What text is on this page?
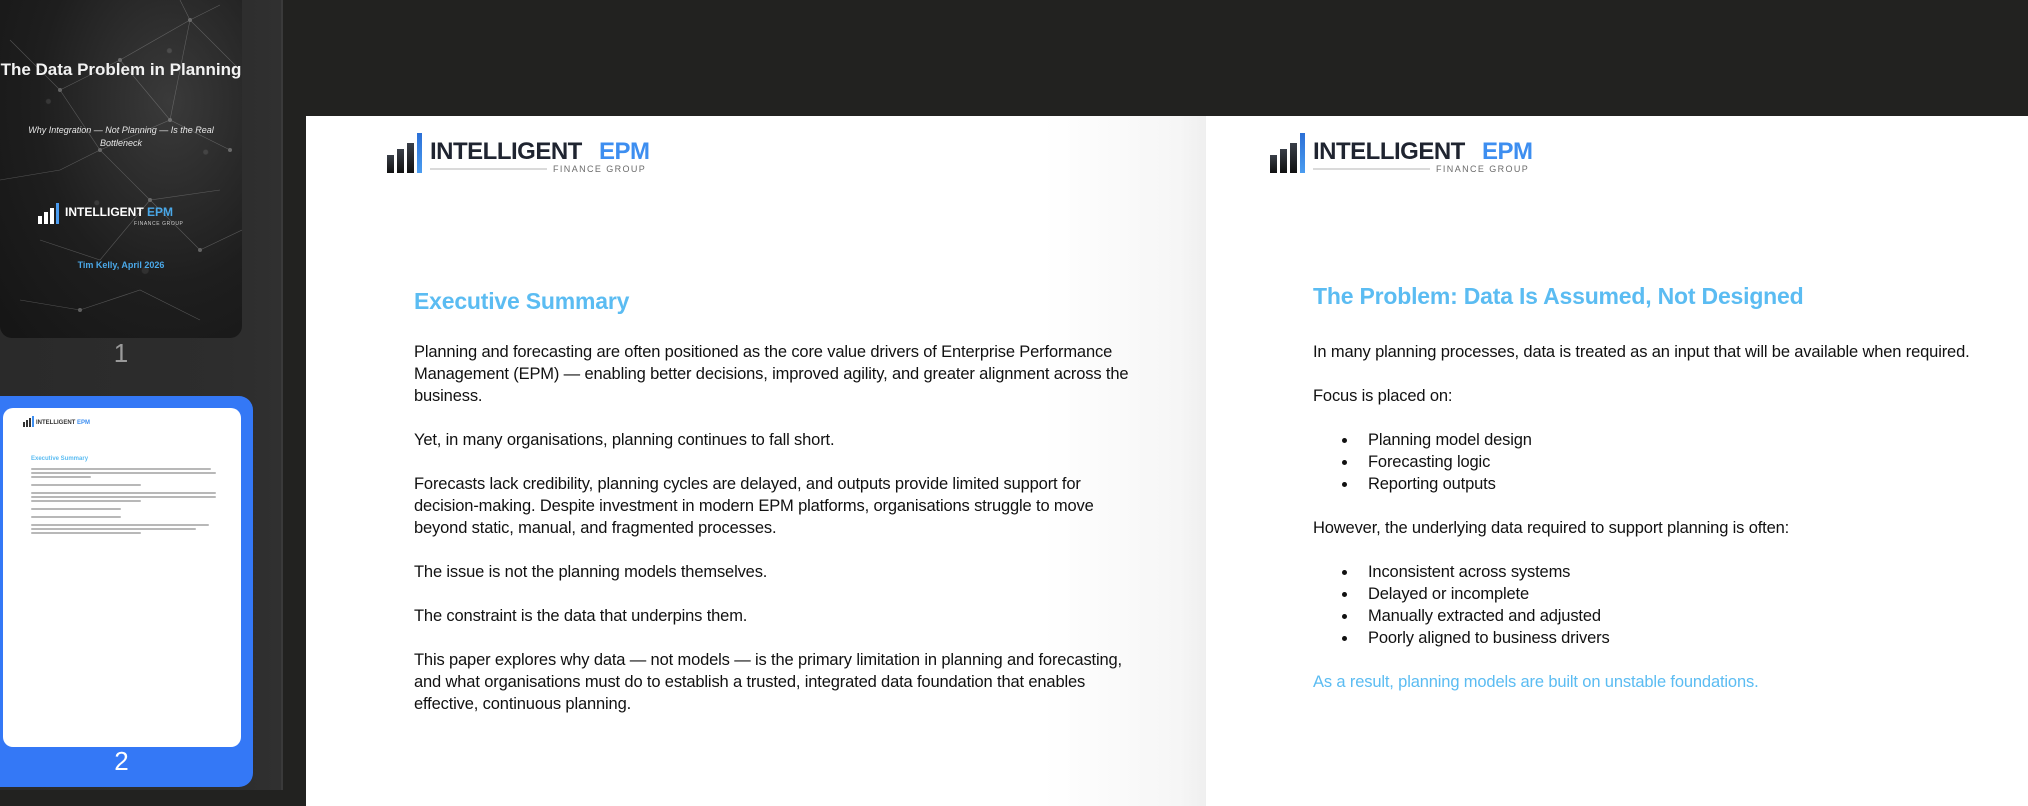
The Data Problem in Planning
Why Integration — Not Planning — Is the Real Bottleneck
INTELLIGENT EPM
FINANCE GROUP
Tim Kelly, April 2026
1
INTELLIGENT EPM
Executive Summary
2
INTELLIGENT EPM
FINANCE GROUP
Executive Summary

Planning and forecasting are often positioned as the core value drivers of Enterprise Performance Management (EPM) — enabling better decisions, improved agility, and greater alignment across the business.

Yet, in many organisations, planning continues to fall short.

Forecasts lack credibility, planning cycles are delayed, and outputs provide limited support for decision-making. Despite investment in modern EPM platforms, organisations struggle to move beyond static, manual, and fragmented processes.

The issue is not the planning models themselves.

The constraint is the data that underpins them.

This paper explores why data — not models — is the primary limitation in planning and forecasting, and what organisations must do to establish a trusted, integrated data foundation that enables effective, continuous planning.

INTELLIGENT EPM
FINANCE GROUP
The Problem: Data Is Assumed, Not Designed

In many planning processes, data is treated as an input that will be available when required.

Focus is placed on:

Planning model design
Forecasting logic
Reporting outputs

However, the underlying data required to support planning is often:

Inconsistent across systems
Delayed or incomplete
Manually extracted and adjusted
Poorly aligned to business drivers

As a result, planning models are built on unstable foundations.
